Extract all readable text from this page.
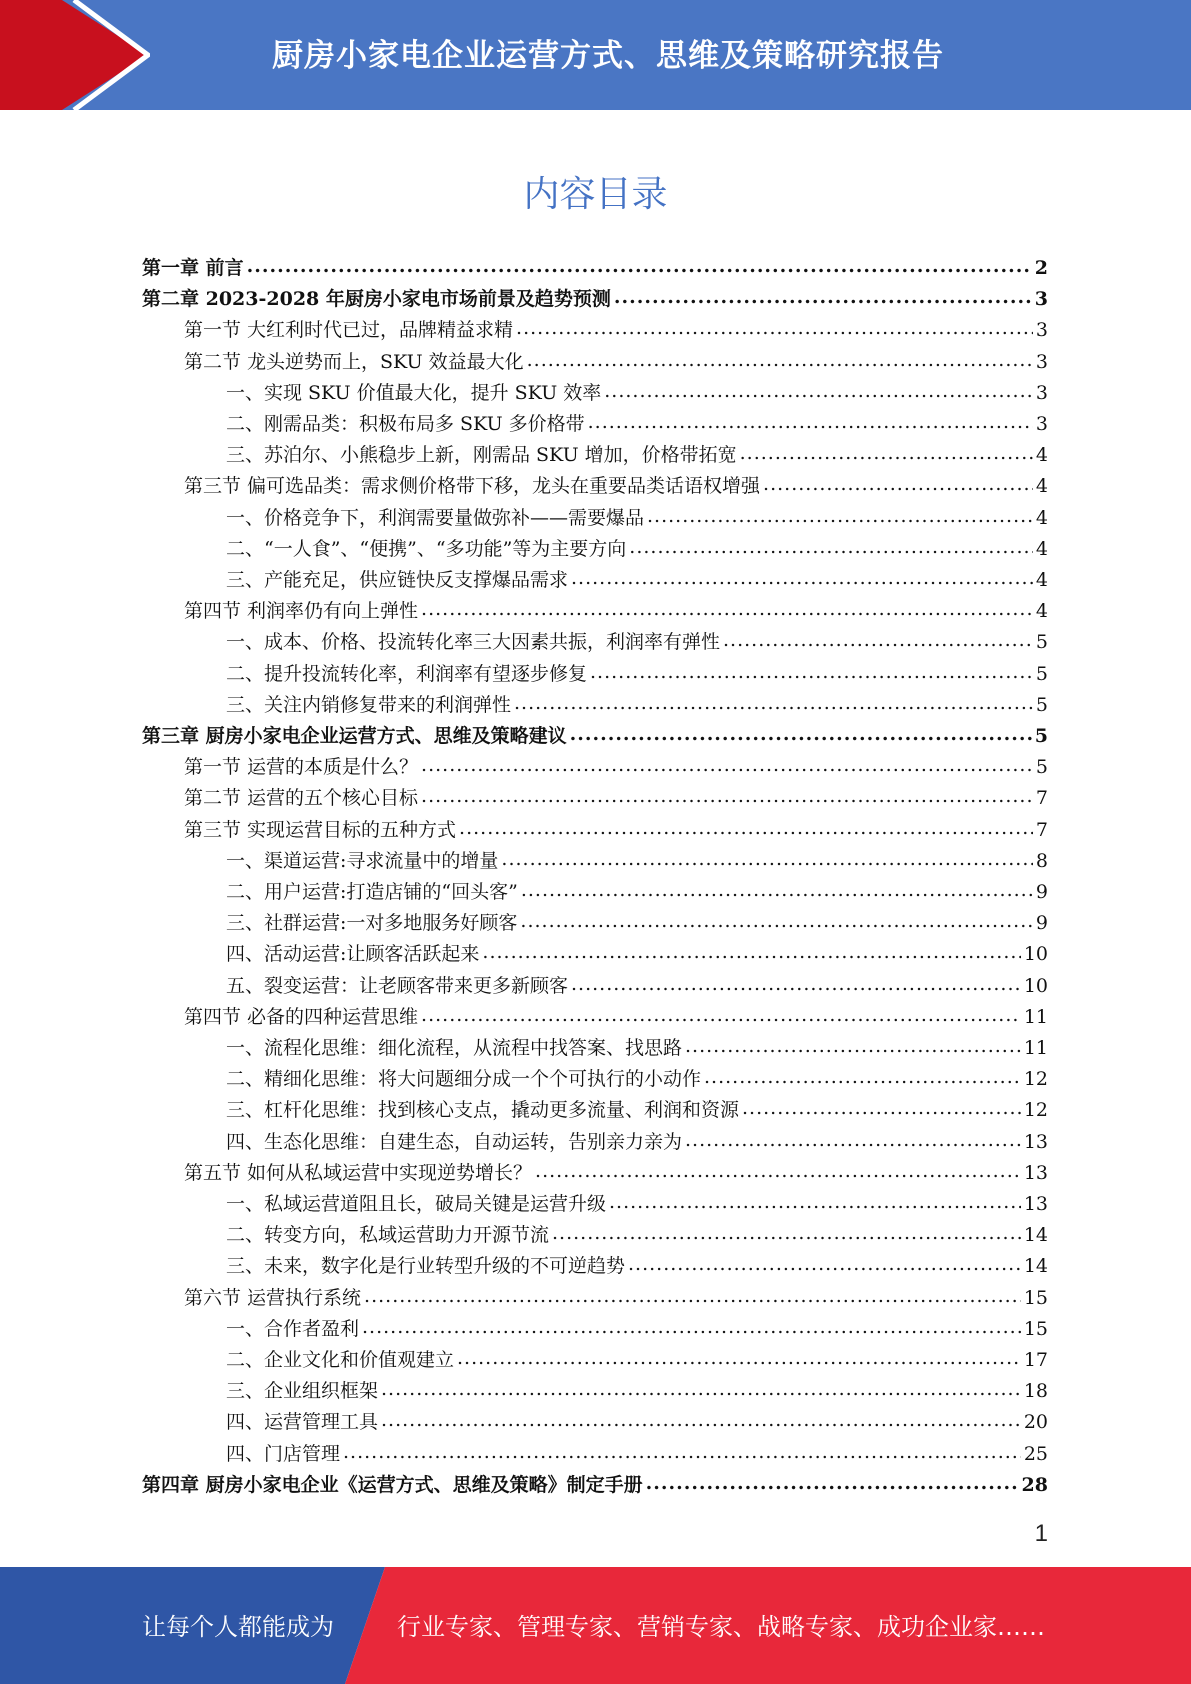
厨房小家电企业运营方式、思维及策略研究报告
内容目录
第一章 前言 .....	2
第二章 2023-2028 年厨房小家电市场前景及趋势预测 .....	3
第一节 大红利时代已过，品牌精益求精 .....	3
第二节 龙头逆势而上，SKU 效益最大化 .....	3
一、实现 SKU 价值最大化，提升 SKU 效率 .....	3
二、刚需品类：积极布局多 SKU 多价格带 .....	3
三、苏泊尔、小熊稳步上新，刚需品 SKU 增加，价格带拓宽 .....	4
第三节 偏可选品类：需求侧价格带下移，龙头在重要品类话语权增强 .....	4
一、价格竞争下，利润需要量做弥补——需要爆品 .....	4
二、“一人食”、“便携”、“多功能”等为主要方向 .....	4
三、产能充足，供应链快反支撑爆品需求 .....	4
第四节 利润率仍有向上弹性 .....	4
一、成本、价格、投流转化率三大因素共振，利润率有弹性 .....	5
二、提升投流转化率，利润率有望逐步修复 .....	5
三、关注内销修复带来的利润弹性 .....	5
第三章 厨房小家电企业运营方式、思维及策略建议 .....	5
第一节 运营的本质是什么？ .....	5
第二节 运营的五个核心目标 .....	7
第三节 实现运营目标的五种方式 .....	7
一、渠道运营:寻求流量中的增量 .....	8
二、用户运营:打造店铺的“回头客” .....	9
三、社群运营:一对多地服务好顾客 .....	9
四、活动运营:让顾客活跃起来 .....	10
五、裂变运营：让老顾客带来更多新顾客 .....	10
第四节 必备的四种运营思维 .....	11
一、流程化思维：细化流程，从流程中找答案、找思路 .....	11
二、精细化思维：将大问题细分成一个个可执行的小动作 .....	12
三、杠杆化思维：找到核心支点，撬动更多流量、利润和资源 .....	12
四、生态化思维：自建生态，自动运转，告别亲力亲为 .....	13
第五节 如何从私域运营中实现逆势增长？ .....	13
一、私域运营道阻且长，破局关键是运营升级 .....	13
二、转变方向，私域运营助力开源节流 .....	14
三、未来，数字化是行业转型升级的不可逆趋势 .....	14
第六节 运营执行系统 .....	15
一、合作者盈利 .....	15
二、企业文化和价值观建立 .....	17
三、企业组织框架 .....	18
四、运营管理工具 .....	20
四、门店管理 .....	25
第四章 厨房小家电企业《运营方式、思维及策略》制定手册 .....	28
1
让每个人都能成为	行业专家、管理专家、营销专家、战略专家、成功企业家……
